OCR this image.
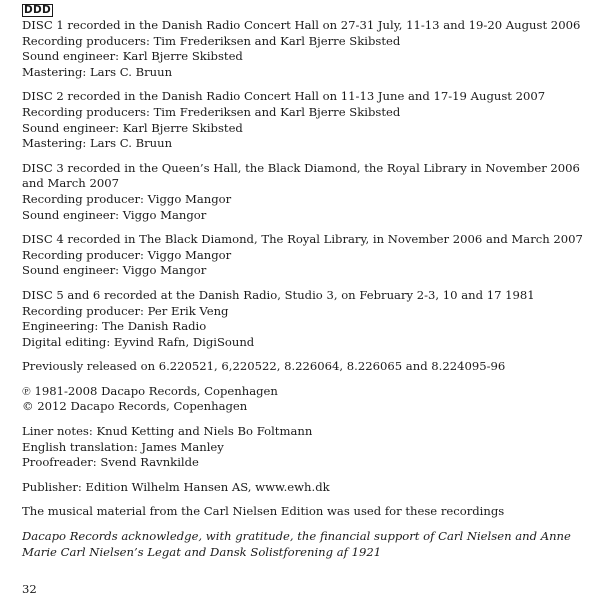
DDD
DISC 1 recorded in the Danish Radio Concert Hall on 27-31 July, 11-13 and 19-20 August 2006
Recording producers: Tim Frederiksen and Karl Bjerre Skibsted
Sound engineer: Karl Bjerre Skibsted
Mastering: Lars C. Bruun
DISC 2 recorded in the Danish Radio Concert Hall on 11-13 June and 17-19 August 2007
Recording producers: Tim Frederiksen and Karl Bjerre Skibsted
Sound engineer: Karl Bjerre Skibsted
Mastering: Lars C. Bruun
DISC 3 recorded in the Queen’s Hall, the Black Diamond, the Royal Library in November 2006 and March 2007
Recording producer: Viggo Mangor
Sound engineer: Viggo Mangor
DISC 4 recorded in The Black Diamond, The Royal Library, in November 2006 and March 2007
Recording producer: Viggo Mangor
Sound engineer: Viggo Mangor
DISC 5 and 6 recorded at the Danish Radio, Studio 3, on February 2-3, 10 and 17 1981
Recording producer: Per Erik Veng
Engineering: The Danish Radio
Digital editing: Eyvind Rafn, DigiSound
Previously released on 6.220521, 6,220522, 8.226064, 8.226065 and 8.224095-96
℗ 1981-2008 Dacapo Records, Copenhagen
© 2012 Dacapo Records, Copenhagen
Liner notes: Knud Ketting and Niels Bo Foltmann
English translation: James Manley
Proofreader: Svend Ravnkilde
Publisher: Edition Wilhelm Hansen AS, www.ewh.dk
The musical material from the Carl Nielsen Edition was used for these recordings
Dacapo Records acknowledge, with gratitude, the financial support of Carl Nielsen and Anne Marie Carl Nielsen’s Legat and Dansk Solistforening af 1921
32
